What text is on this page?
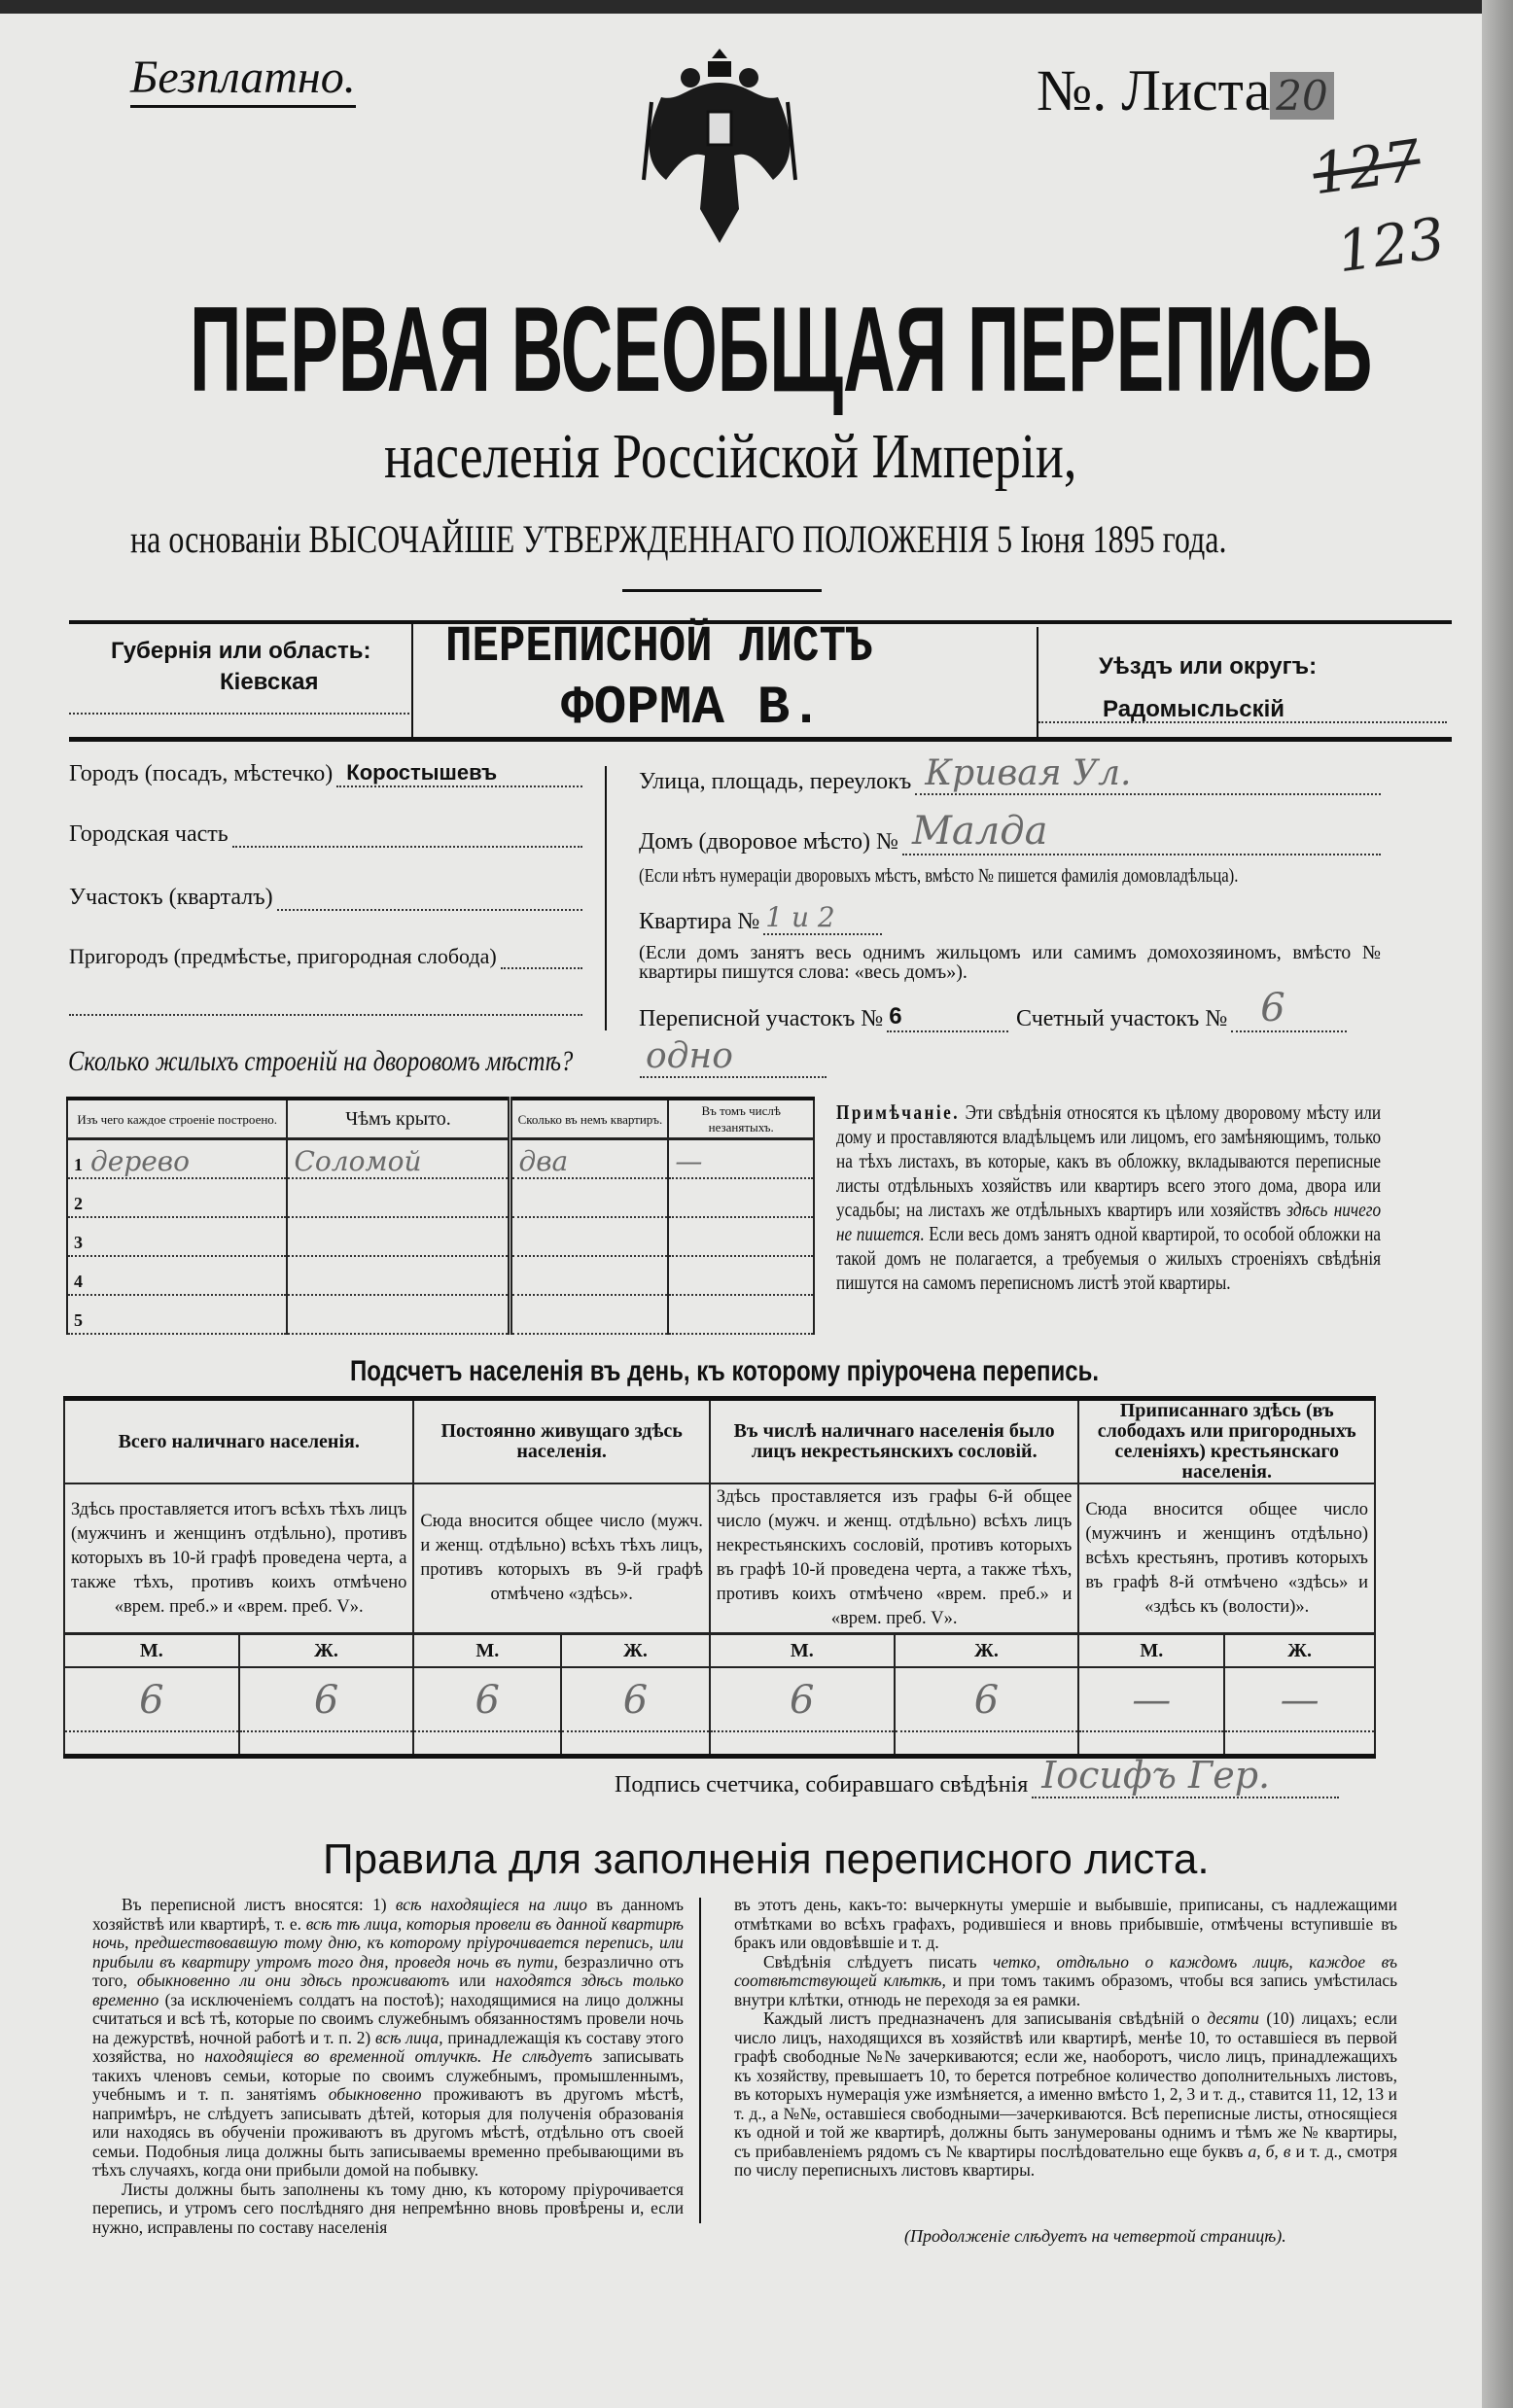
Безплатно.	№. Листа 20
127
123
ПЕРВАЯ ВСЕОБЩАЯ ПЕРЕПИСЬ
населенія Россійской Имперіи,
на основаніи ВЫСОЧАЙШЕ УТВЕРЖДЕННАГО ПОЛОЖЕНІЯ 5 Іюня 1895 года.
Губернія или область:
Кіевская
ПЕРЕПИСНОЙ ЛИСТЪ
ФОРМА В.
Уѣздъ или округъ:
Радомысльскій
Городъ (посадъ, мѣстечко) Коростышевъ
Городская часть
Участокъ (кварталъ)
Пригородъ (предмѣстье, пригородная слобода)
Улица, площадь, переулокъ Кривая Ул.
Домъ (дворовое мѣсто) № Малда
(Если нѣтъ нумераціи дворовыхъ мѣстъ, вмѣсто № пишется фамилія домовладѣльца).
Квартира № 1 и 2
(Если домъ занятъ весь однимъ жильцомъ или самимъ домохозяиномъ, вмѣсто № квартиры пишутся слова: «весь домъ»).
Переписной участокъ № 6	Счетный участокъ № 6
Сколько жилыхъ строеній на дворовомъ мѣстѣ? одно
Изъ чего каждое строеніе построено.	Чѣмъ крыто.	Сколько въ немъ квартиръ.	Въ томъ числѣ незанятыхъ.
1 дерево	Соломой	два	—
2			
3			
4			
5			
Примѣчаніе. Эти свѣдѣнія относятся къ цѣлому дворовому мѣсту или дому и проставляются владѣльцемъ или лицомъ, его замѣняющимъ, только на тѣхъ листахъ, въ которые, какъ въ обложку, вкладываются переписные листы отдѣльныхъ хозяйствъ или квартиръ всего этого дома, двора или усадьбы; на листахъ же отдѣльныхъ квартиръ или хозяйствъ здѣсь ничего не пишется. Если весь домъ занятъ одной квартирой, то особой обложки на такой домъ не полагается, а требуемыя о жилыхъ строеніяхъ свѣдѣнія пишутся на самомъ переписномъ листѣ этой квартиры.
Подсчетъ населенія въ день, къ которому пріурочена перепись.
Всего наличнаго населенія.		Постоянно живущаго здѣсь населенія.		Въ числѣ наличнаго населенія было лицъ некрестьянскихъ сословій.		Приписаннаго здѣсь (въ слободахъ или пригородныхъ селеніяхъ) крестьянскаго населенія.	
Здѣсь проставляется итогъ всѣхъ тѣхъ лицъ (мужчинъ и женщинъ отдѣльно), противъ которыхъ въ 10-й графѣ проведена черта, а также тѣхъ, противъ коихъ отмѣчено «врем. преб.» и «врем. преб. V».		Сюда вносится общее число (мужч. и женщ. отдѣльно) всѣхъ тѣхъ лицъ, противъ которыхъ въ 9-й графѣ отмѣчено «здѣсь».		Здѣсь проставляется изъ графы 6-й общее число (мужч. и женщ. отдѣльно) всѣхъ лицъ некрестьянскихъ сословій, противъ которыхъ въ графѣ 10-й проведена черта, а также тѣхъ, противъ коихъ отмѣчено «врем. преб.» и «врем. преб. V».		Сюда вносится общее число (мужчинъ и женщинъ отдѣльно) всѣхъ крестьянъ, противъ которыхъ въ графѣ 8-й отмѣчено «здѣсь» и «здѣсь къ (волости)».	
М.	Ж.	М.	Ж.	М.	Ж.	М.	Ж.
6	6	6	6	6	6	—	—

Подпись счетчика, собиравшаго свѣдѣнія Іосифъ Гер.
Правила для заполненія переписного листа.

Въ переписной листъ вносятся: 1) всѣ находящіеся на лицо въ данномъ хозяйствѣ или квартирѣ, т. е. всѣ тѣ лица, которыя провели въ данной квартирѣ ночь, предшествовавшую тому дню, къ которому пріурочивается перепись, или прибыли въ квартиру утромъ того дня, проведя ночь въ пути, безразлично отъ того, обыкновенно ли они здѣсь проживаютъ или находятся здѣсь только временно (за исключеніемъ солдатъ на постоѣ); находящимися на лицо должны считаться и всѣ тѣ, которые по своимъ служебнымъ обязанностямъ провели ночь на дежурствѣ, ночной работѣ и т. п. 2) всѣ лица, принадлежащія къ составу этого хозяйства, но находящіеся во временной отлучкѣ. Не слѣдуетъ записывать такихъ членовъ семьи, которые по своимъ служебнымъ, промышленнымъ, учебнымъ и т. п. занятіямъ обыкновенно проживаютъ въ другомъ мѣстѣ, напримѣръ, не слѣдуетъ записывать дѣтей, которыя для полученія образованія или находясь въ обученіи проживаютъ въ другомъ мѣстѣ, отдѣльно отъ своей семьи. Подобныя лица должны быть записываемы временно пребывающими въ тѣхъ случаяхъ, когда они прибыли домой на побывку.

Листы должны быть заполнены къ тому дню, къ которому пріурочивается перепись, и утромъ сего послѣдняго дня непремѣнно вновь провѣрены и, если нужно, исправлены по составу населенія

въ этотъ день, какъ-то: вычеркнуты умершіе и выбывшіе, приписаны, съ надлежащими отмѣтками во всѣхъ графахъ, родившіеся и вновь прибывшіе, отмѣчены вступившіе въ бракъ или овдовѣвшіе и т. д.

Свѣдѣнія слѣдуетъ писать четко, отдѣльно о каждомъ лицѣ, каждое въ соотвѣтствующей клѣткѣ, и при томъ такимъ образомъ, чтобы вся запись умѣстилась внутри клѣтки, отнюдь не переходя за ея рамки.

Каждый листъ предназначенъ для записыванія свѣдѣній о десяти (10) лицахъ; если число лицъ, находящихся въ хозяйствѣ или квартирѣ, менѣе 10, то оставшіеся въ первой графѣ свободные №№ зачеркиваются; если же, наоборотъ, число лицъ, принадлежащихъ къ хозяйству, превышаетъ 10, то берется потребное количество дополнительныхъ листовъ, въ которыхъ нумерація уже измѣняется, а именно вмѣсто 1, 2, 3 и т. д., ставится 11, 12, 13 и т. д., а №№, оставшіеся свободными—зачеркиваются. Всѣ переписные листы, относящіеся къ одной и той же квартирѣ, должны быть занумерованы однимъ и тѣмъ же № квартиры, съ прибавленіемъ рядомъ съ № квартиры послѣдовательно еще буквъ а, б, в и т. д., смотря по числу переписныхъ листовъ квартиры.

(Продолженіе слѣдуетъ на четвертой страницѣ).
